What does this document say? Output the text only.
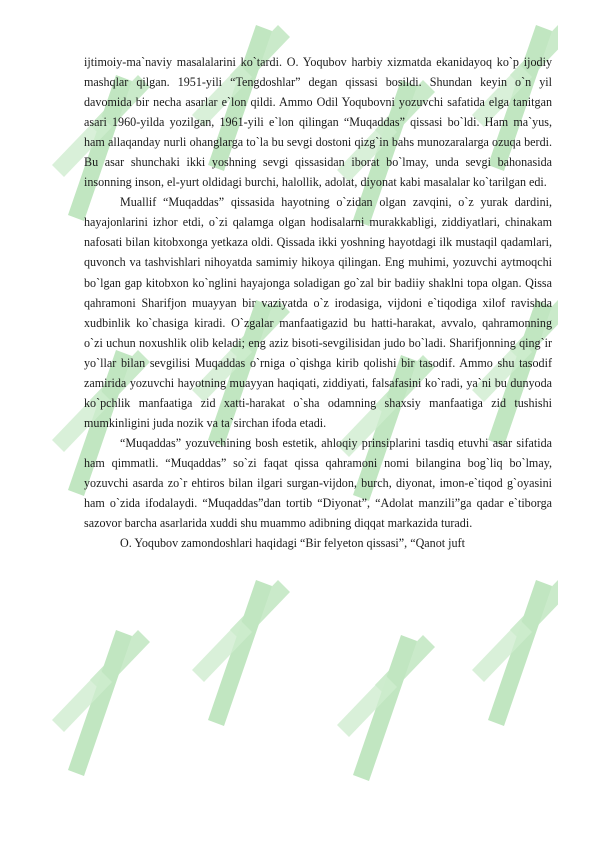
ijtimoiy-ma`naviy masalalarini ko`tardi. O. Yoqubov harbiy xizmatda ekanidayoq ko`p ijodiy mashqlar qilgan. 1951-yili “Tengdoshlar” degan qissasi bosildi. Shundan keyin o`n yil davomida bir necha asarlar e`lon qildi. Ammo Odil Yoqubovni yozuvchi safatida elga tanitgan asari 1960-yilda yozilgan, 1961-yili e`lon qilingan “Muqaddas” qissasi bo`ldi. Ham ma`yus, ham allaqanday nurli ohanglarga to`la bu sevgi dostoni qizg`in bahs munozaralarga ozuqa berdi. Bu asar shunchaki ikki yoshning sevgi qissasidan iborat bo`lmay, unda sevgi bahonasida insonning inson, el-yurt oldidagi burchi, halollik, adolat, diyonat kabi masalalar ko`tarilgan edi.

Muallif “Muqaddas” qissasida hayotning o`zidan olgan zavqini, o`z yurak dardini, hayajonlarini izhor etdi, o`zi qalamga olgan hodisalarni murakkabligi, ziddiyatlari, chinakam nafosati bilan kitobxonga yetkaza oldi. Qissada ikki yoshning hayotdagi ilk mustaqil qadamlari, quvonch va tashvishlari nihoyatda samimiy hikoya qilingan. Eng muhimi, yozuvchi aytmoqchi bo`lgan gap kitobxon ko`nglini hayajonga soladigan go`zal bir badiiy shaklni topa olgan. Qissa qahramoni Sharifjon muayyan bir vaziyatda o`z irodasiga, vijdoni e`tiqodiga xilof ravishda xudbinlik ko`chasiga kiradi. O`zgalar manfaatigazid bu hatti-harakat, avvalo, qahramonning o`zi uchun noxushlik olib keladi; eng aziz bisoti-sevgilisidan judo bo`ladi. Sharifjonning qing`ir yo`llar bilan sevgilisi Muqaddas o`rniga o`qishga kirib qolishi bir tasodif. Ammo shu tasodif zamirida yozuvchi hayotning muayyan haqiqati, ziddiyati, falsafasini ko`radi, ya`ni bu dunyoda ko`pchlik manfaatiga zid xatti-harakat o`sha odamning shaxsiy manfaatiga zid tushishi mumkinligini juda nozik va ta`sirchan ifoda etadi.

“Muqaddas” yozuvchining bosh estetik, ahloqiy prinsiplarini tasdiq etuvhi asar sifatida ham qimmatli. “Muqaddas” so`zi faqat qissa qahramoni nomi bilangina bog`liq bo`lmay, yozuvchi asarda zo`r ehtiros bilan ilgari surgan-vijdon, burch, diyonat, imon-e`tiqod g`oyasini ham o`zida ifodalaydi. “Muqaddas”dan tortib “Diyonat”, “Adolat manzili”ga qadar e`tiborga sazovor barcha asarlarida xuddi shu muammo adibning diqqat markazida turadi.

O. Yoqubov zamondoshlari haqidagi “Bir felyeton qissasi”, “Qanot juft
